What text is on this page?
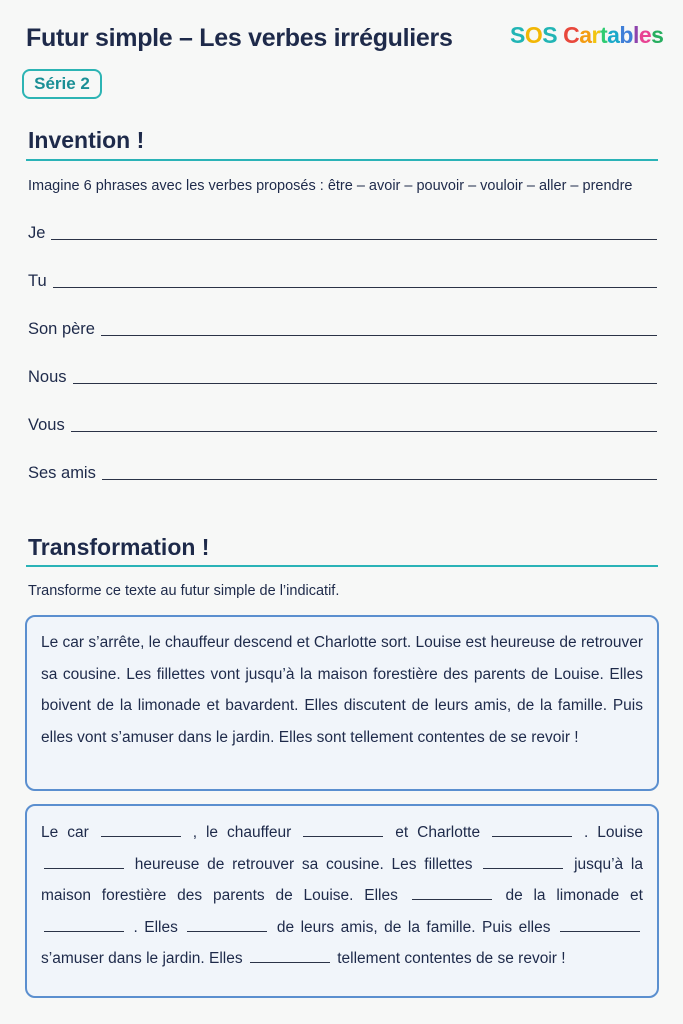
Futur simple – Les verbes irréguliers SOS Cartables
Série 2
Invention !
Imagine 6 phrases avec les verbes proposés : être – avoir – pouvoir – vouloir – aller – prendre
Je
Tu
Son père
Nous
Vous
Ses amis
Transformation !
Transforme ce texte au futur simple de l’indicatif.
Le car s’arrête, le chauffeur descend et Charlotte sort. Louise est heureuse de retrouver sa cousine. Les fillettes vont jusqu’à la maison forestière des parents de Louise. Elles boivent de la limonade et bavardent. Elles discutent de leurs amis, de la famille. Puis elles vont s’amuser dans le jardin. Elles sont tellement contentes de se revoir !
Le car	, le chauffeur	et Charlotte	. Louise  heureuse de retrouver sa cousine. Les fillettes	jusqu’à la maison forestière des parents de Louise. Elles	de la limonade et  . Elles	de leurs amis, de la famille. Puis elles  s’amuser dans le jardin. Elles	tellement contentes de se revoir !
